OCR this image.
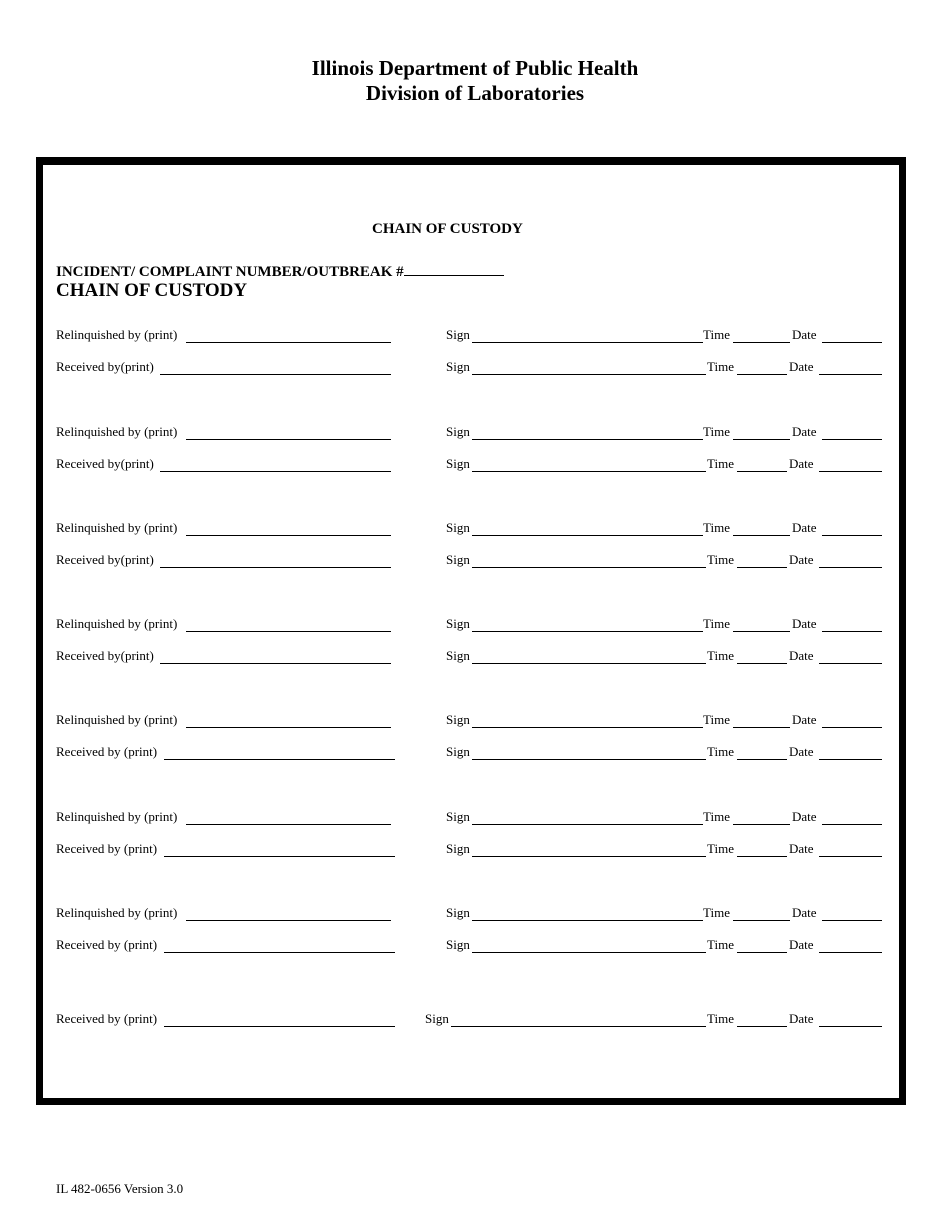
Illinois Department of Public Health
Division of Laboratories
CHAIN OF CUSTODY
INCIDENT/ COMPLAINT NUMBER/OUTBREAK #
CHAIN OF CUSTODY
Relinquished by (print)	Sign	Time	Date
Received by(print)	Sign	Time	Date
Relinquished by (print)	Sign	Time	Date
Received by(print)	Sign	Time	Date
Relinquished by (print)	Sign	Time	Date
Received by(print)	Sign	Time	Date
Relinquished by (print)	Sign	Time	Date
Received by(print)	Sign	Time	Date
Relinquished by (print)	Sign	Time	Date
Received by (print)	Sign	Time	Date
Relinquished by (print)	Sign	Time	Date
Received by (print)	Sign	Time	Date
Relinquished by (print)	Sign	Time	Date
Received by (print)	Sign	Time	Date
Received by (print)	Sign	Time	Date
IL 482-0656 Version 3.0
